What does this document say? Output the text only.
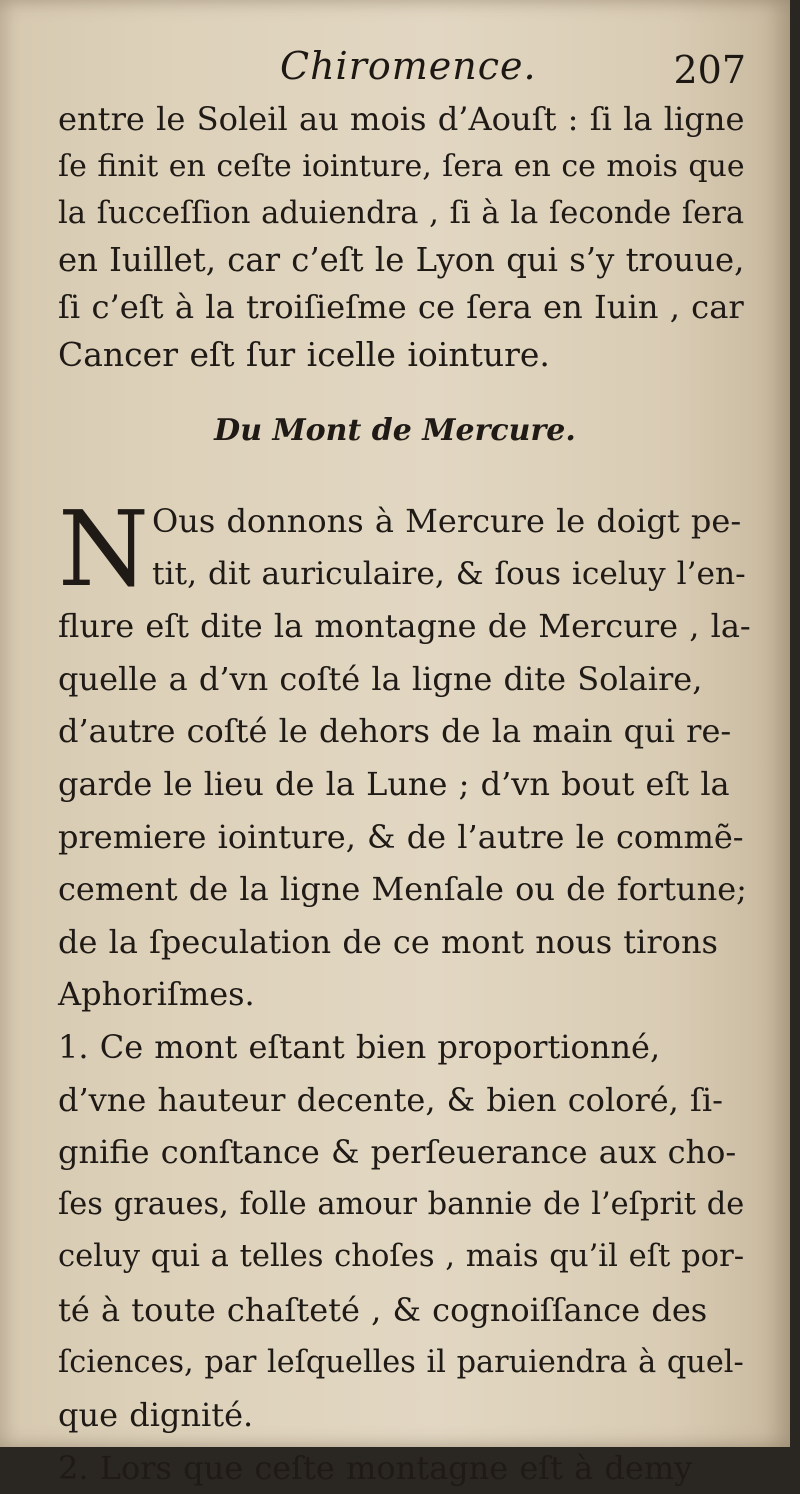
Chiromence.	207
entre le Soleil au mois d’Aouſt : ſi la ligne
ſe finit en ceſte iointure, ſera en ce mois que
la ſucceſſion aduiendra , ſi à la ſeconde ſera
en Iuillet, car c’eſt le Lyon qui s’y trouue,
ſi c’eſt à la troiſieſme ce ſera en Iuin , car
Cancer eſt ſur icelle iointure.
Du Mont de Mercure.
N Ous donnons à Mercure le doigt pe-
tit, dit auriculaire, & ſous iceluy l’en-
flure eſt dite la montagne de Mercure , la-
quelle a d’vn coſté la ligne dite Solaire,
d’autre coſté le dehors de la main qui re-
garde le lieu de la Lune ; d’vn bout eſt la
premiere iointure, & de l’autre le commẽ-
cement de la ligne Menſale ou de fortune;
de la ſpeculation de ce mont nous tirons
Aphoriſmes.
1. Ce mont eſtant bien proportionné,
d’vne hauteur decente, & bien coloré, ſi-
gnifie conſtance & perſeuerance aux cho-
ſes graues, folle amour bannie de l’eſprit de
celuy qui a telles choſes , mais qu’il eſt por-
té à toute chaſteté , & cognoiſſance des
ſciences, par leſquelles il paruiendra à quel-
que dignité.
2. Lors que ceſte montagne eſt à demy
